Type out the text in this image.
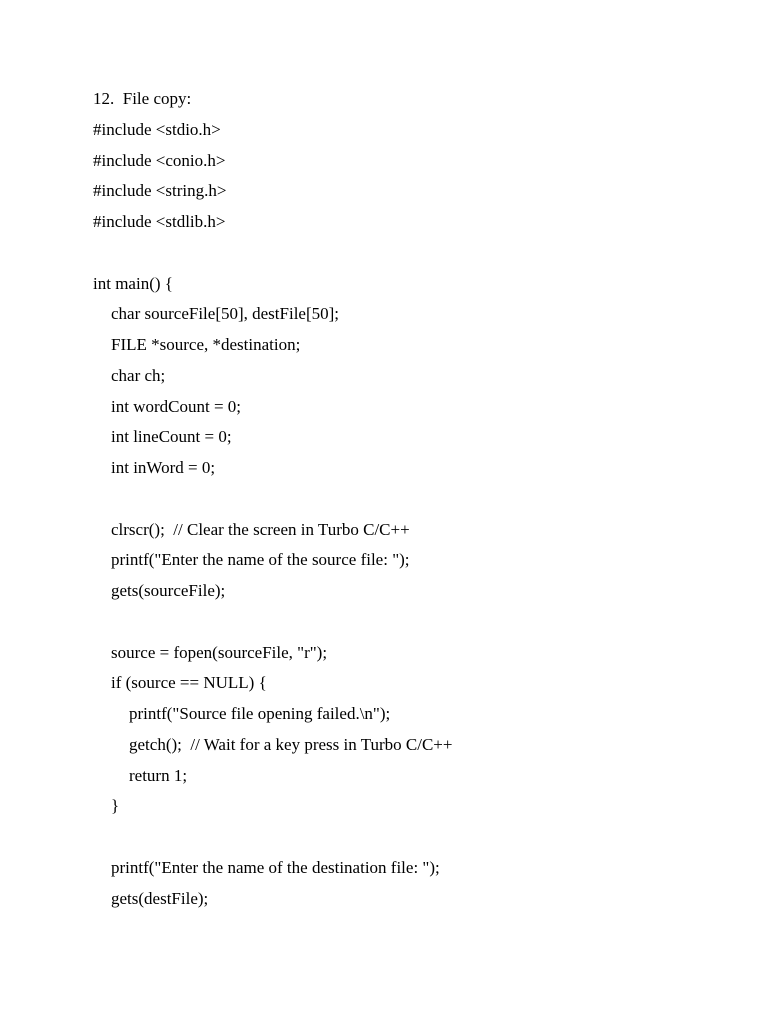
12.  File copy:
#include <stdio.h>
#include <conio.h>
#include <string.h>
#include <stdlib.h>
int main() {
char sourceFile[50], destFile[50];
FILE *source, *destination;
char ch;
int wordCount = 0;
int lineCount = 0;
int inWord = 0;
clrscr();  // Clear the screen in Turbo C/C++
printf("Enter the name of the source file: ");
gets(sourceFile);
source = fopen(sourceFile, "r");
if (source == NULL) {
printf("Source file opening failed.\n");
getch();  // Wait for a key press in Turbo C/C++
return 1;
}
printf("Enter the name of the destination file: ");
gets(destFile);
